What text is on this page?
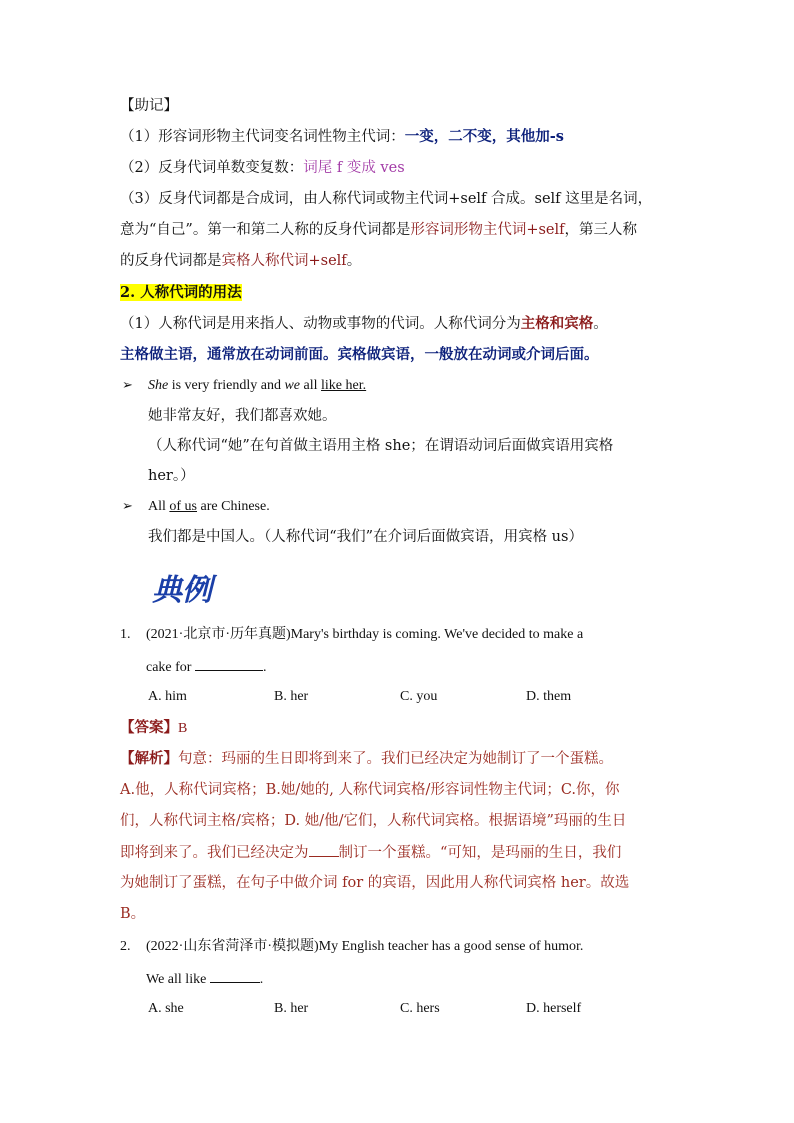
【助记】
（1）形容词形物主代词变名词性物主代词：一变，二不变，其他加-s
（2）反身代词单数变复数：词尾 f 变成 ves
（3）反身代词都是合成词，由人称代词或物主代词+self 合成。self 这里是名词，
意为“自己”。第一和第二人称的反身代词都是形容词形物主代词+self，第三人称
的反身代词都是宾格人称代词+self。
2. 人称代词的用法
（1）人称代词是用来指人、动物或事物的代词。人称代词分为主格和宾格。
主格做主语，通常放在动词前面。宾格做宾语，一般放在动词或介词后面。
➢ She is very friendly and we all like her.
她非常友好，我们都喜欢她。
（人称代词“她”在句首做主语用主格 she；在谓语动词后面做宾语用宾格
her。）
➢ All of us are Chinese.
我们都是中国人。（人称代词“我们”在介词后面做宾语，用宾格 us）
典例
1. (2021·北京市·历年真题)Mary's birthday is coming. We've decided to make a
cake for	.
A. him	B. her	C. you	D. them
【答案】B
【解析】句意：玛丽的生日即将到来了。我们已经决定为她制订了一个蛋糕。
A.他，人称代词宾格；B.她/她的, 人称代词宾格/形容词性物主代词；C.你，你
们，人称代词主格/宾格；D. 她/他/它们，人称代词宾格。根据语境”玛丽的生日
即将到来了。我们已经决定为 制订一个蛋糕。“可知，是玛丽的生日，我们
为她制订了蛋糕，在句子中做介词 for 的宾语，因此用人称代词宾格 her。故选
B。
2. (2022·山东省菏泽市·模拟题)My English teacher has a good sense of humor.
We all like	.
A. she	B. her	C. hers	D. herself
